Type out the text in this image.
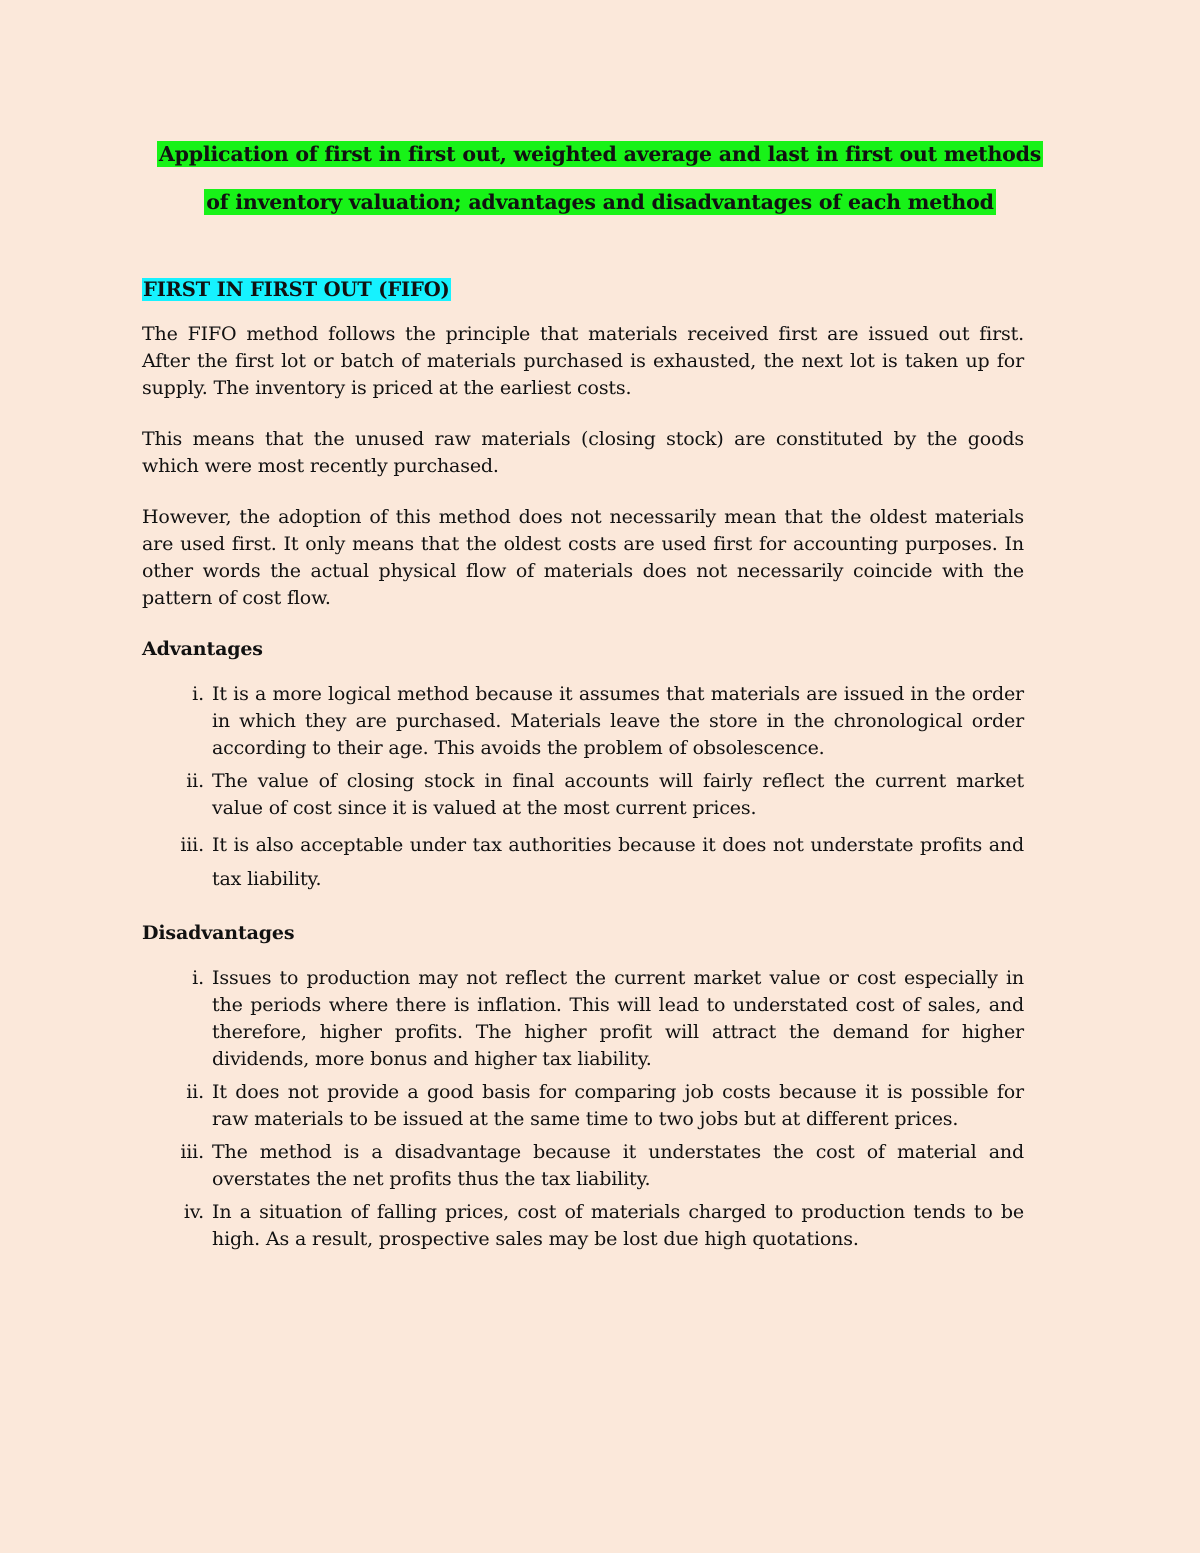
Application of first in first out, weighted average and last in first out methods
of inventory valuation; advantages and disadvantages of each method
FIRST IN FIRST OUT (FIFO)

The FIFO method follows the principle that materials received first are issued out first. After the first lot or batch of materials purchased is exhausted, the next lot is taken up for supply. The inventory is priced at the earliest costs.

This means that the unused raw materials (closing stock) are constituted by the goods which were most recently purchased.

However, the adoption of this method does not necessarily mean that the oldest materials are used first. It only means that the oldest costs are used first for accounting purposes. In other words the actual physical flow of materials does not necessarily coincide with the pattern of cost flow.

Advantages
i. It is a more logical method because it assumes that materials are issued in the order in which they are purchased. Materials leave the store in the chronological order according to their age. This avoids the problem of obsolescence.
ii. The value of closing stock in final accounts will fairly reflect the current market value of cost since it is valued at the most current prices.
iii. It is also acceptable under tax authorities because it does not understate profits and tax liability.
Disadvantages
i. Issues to production may not reflect the current market value or cost especially in the periods where there is inflation. This will lead to understated cost of sales, and therefore, higher profits. The higher profit will attract the demand for higher dividends, more bonus and higher tax liability.
ii. It does not provide a good basis for comparing job costs because it is possible for raw materials to be issued at the same time to two jobs but at different prices.
iii. The method is a disadvantage because it understates the cost of material and overstates the net profits thus the tax liability.
iv. In a situation of falling prices, cost of materials charged to production tends to be high. As a result, prospective sales may be lost due high quotations.
